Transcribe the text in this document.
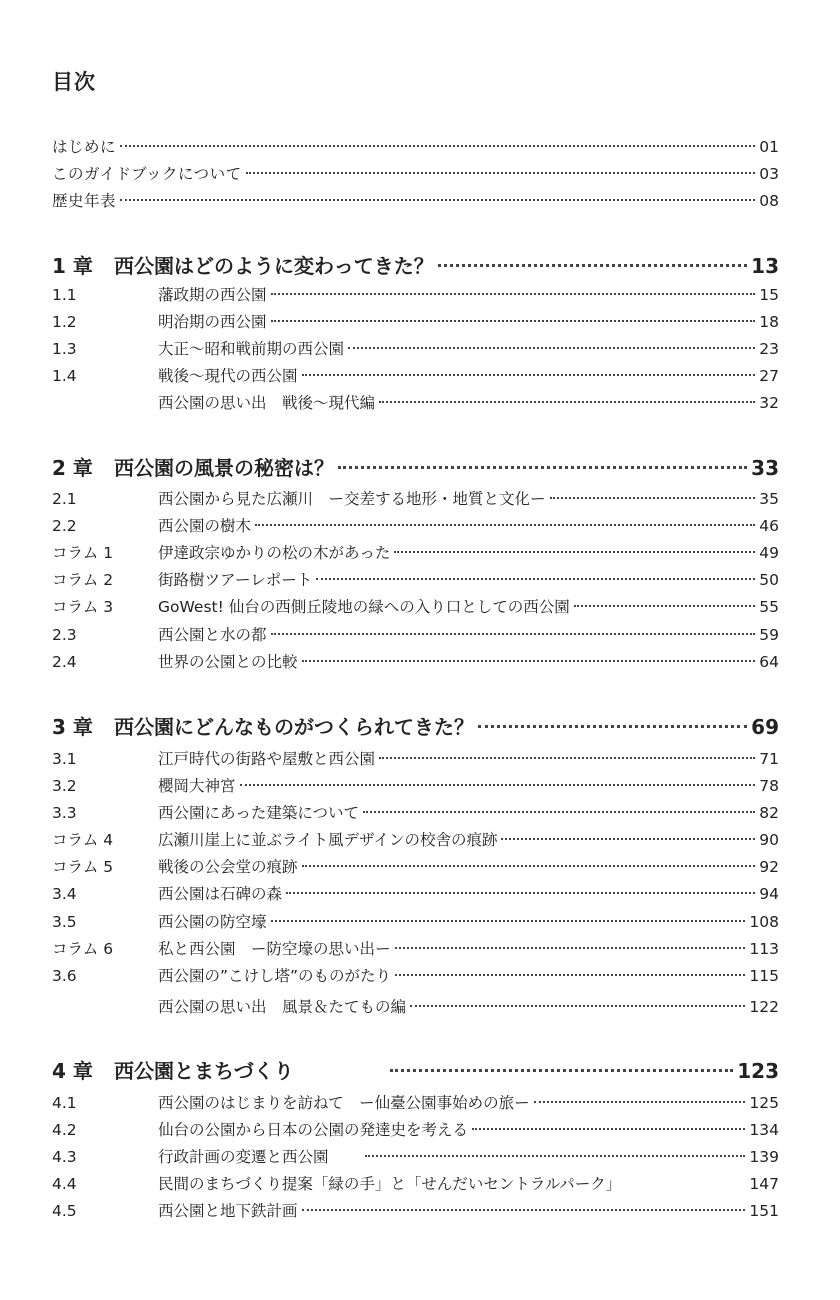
目次
はじめに	01
このガイドブックについて	03
歴史年表	08
1 章	西公園はどのように変わってきた？	13
1.1	藩政期の西公園	15
1.2	明治期の西公園	18
1.3	大正〜昭和戦前期の西公園	23
1.4	戦後〜現代の西公園	27
西公園の思い出　戦後〜現代編	32
2 章	西公園の風景の秘密は？	33
2.1	西公園から見た広瀬川　ー交差する地形・地質と文化ー	35
2.2	西公園の樹木	46
コラム 1	伊達政宗ゆかりの松の木があった	49
コラム 2	街路樹ツアーレポート	50
コラム 3	GoWest! 仙台の西側丘陵地の緑への入り口としての西公園	55
2.3	西公園と水の都	59
2.4	世界の公園との比較	64
3 章	西公園にどんなものがつくられてきた？	69
3.1	江戸時代の街路や屋敷と西公園	71
3.2	櫻岡大神宮	78
3.3	西公園にあった建築について	82
コラム 4	広瀬川崖上に並ぶライト風デザインの校舎の痕跡	90
コラム 5	戦後の公会堂の痕跡	92
3.4	西公園は石碑の森	94
3.5	西公園の防空壕	108
コラム 6	私と西公園　ー防空壕の思い出ー	113
3.6	西公園の”こけし塔”のものがたり	115
西公園の思い出　風景＆たてもの編	122
4 章	西公園とまちづくり	123
4.1	西公園のはじまりを訪ねて　ー仙臺公園事始めの旅ー	125
4.2	仙台の公園から日本の公園の発達史を考える	134
4.3	行政計画の変遷と西公園	139
4.4	民間のまちづくり提案「緑の手」と「せんだいセントラルパーク」	147
4.5	西公園と地下鉄計画	151
